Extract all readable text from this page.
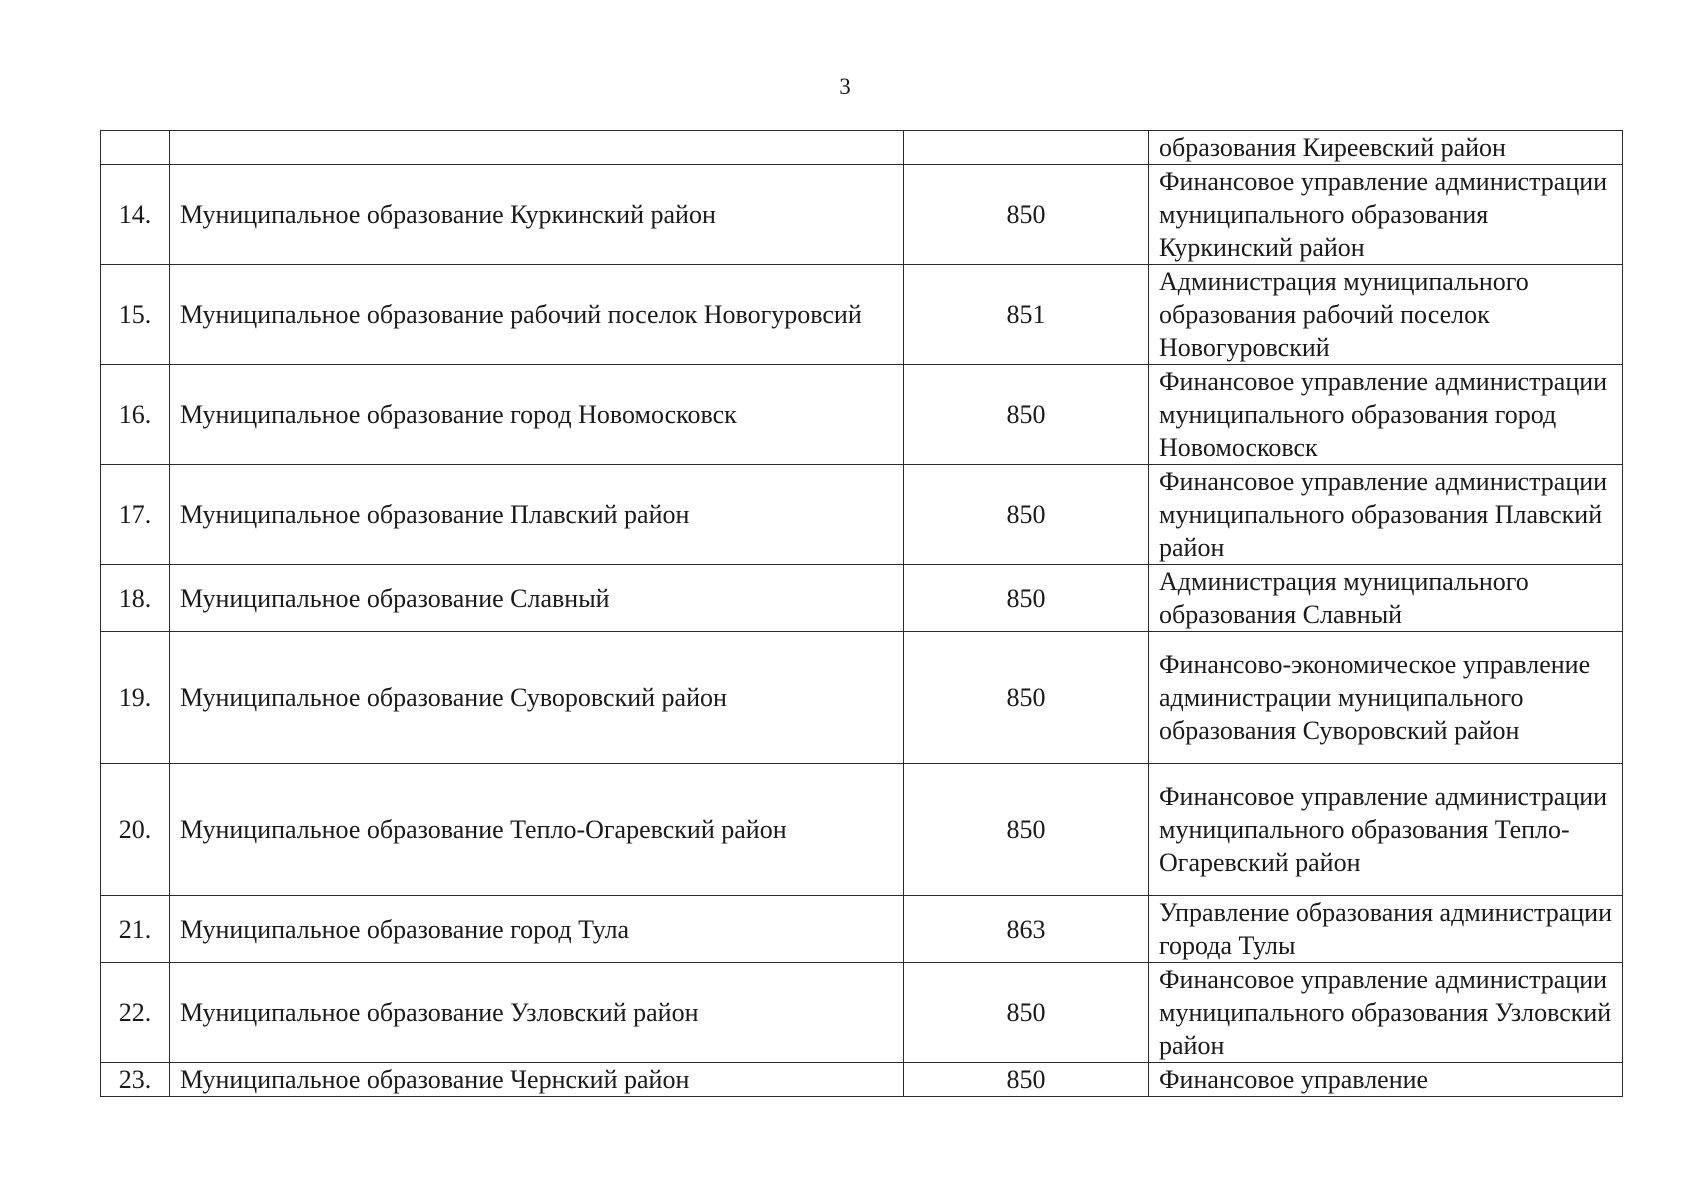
3
			образования Киреевский район
14.	Муниципальное образование Куркинский район	850	Финансовое управление администрации муниципального образования Куркинский район
15.	Муниципальное образование рабочий поселок Новогуровсий	851	Администрация муниципального образования рабочий поселок Новогуровский
16.	Муниципальное образование город Новомосковск	850	Финансовое управление администрации муниципального образования город Новомосковск
17.	Муниципальное образование Плавский район	850	Финансовое управление администрации муниципального образования Плавский район
18.	Муниципальное образование Славный	850	Администрация муниципального образования Славный
19.	Муниципальное образование Суворовский район	850	Финансово-экономическое управление администрации муниципального образования Суворовский район
20.	Муниципальное образование Тепло-Огаревский район	850	Финансовое управление администрации муниципального образования Тепло-Огаревский район
21.	Муниципальное образование город Тула	863	Управление образования администрации города Тулы
22.	Муниципальное образование Узловский район	850	Финансовое управление администрации муниципального образования Узловский район
23.	Муниципальное образование Чернский район	850	Финансовое управление
